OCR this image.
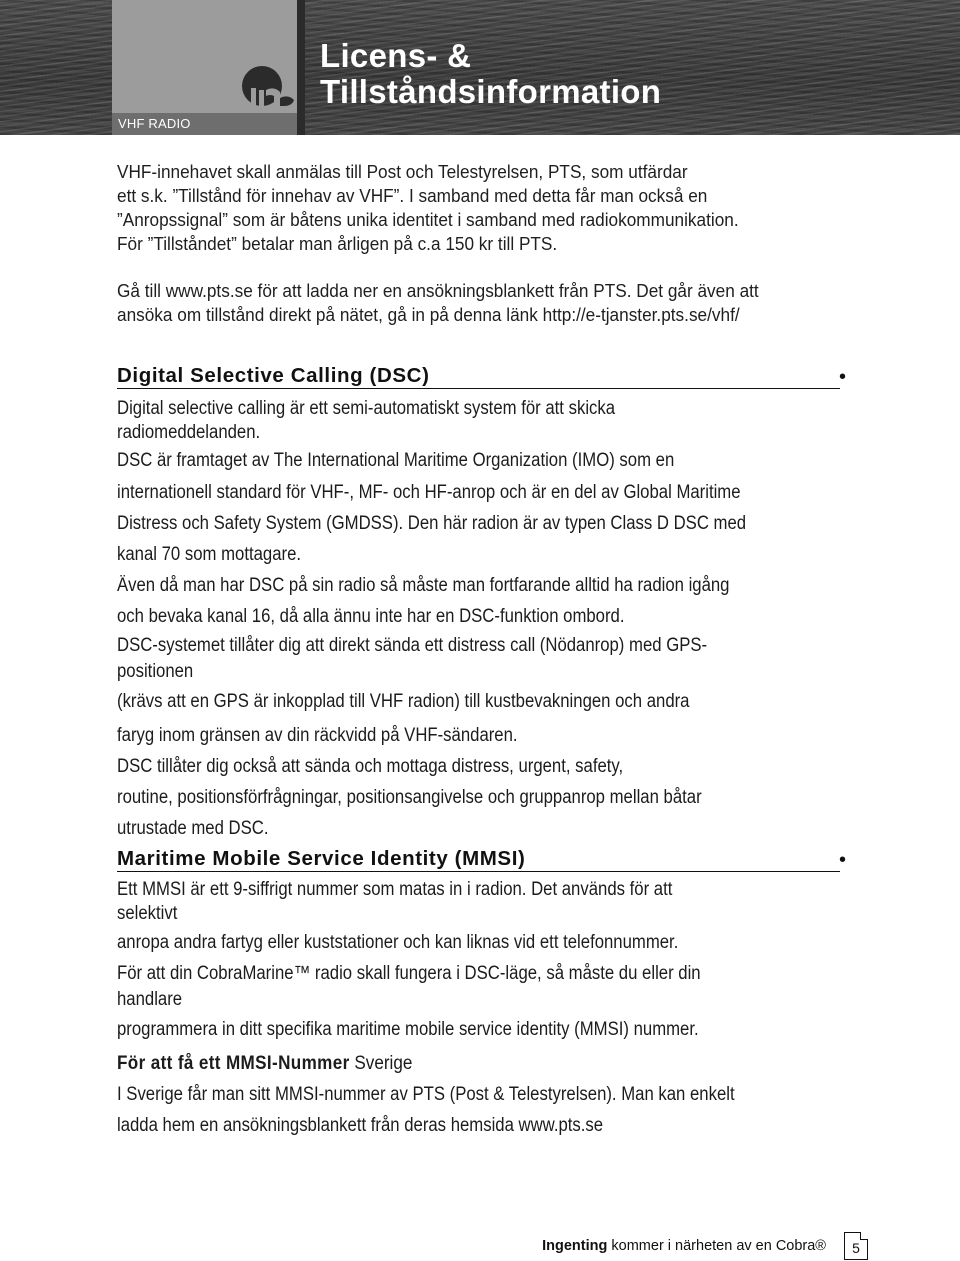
VHF RADIO
Licens- &
Tillståndsinformation

VHF-innehavet skall anmälas till Post och Telestyrelsen, PTS, som utfärdar

ett s.k. ”Tillstånd för innehav av VHF”. I samband med detta får man också en

”Anropssignal” som är båtens unika identitet i samband med radiokommunikation.

För ”Tillståndet” betalar man årligen på c.a 150 kr till PTS.

Gå till www.pts.se för att ladda ner en ansökningsblankett från PTS. Det går även att

ansöka om tillstånd direkt på nätet, gå in på denna länk http://e-tjanster.pts.se/vhf/

Digital Selective Calling (DSC)	•

Digital selective calling är ett semi-automatiskt system för att skicka

radiomeddelanden.

DSC är framtaget av The International Maritime Organization (IMO) som en

internationell standard för VHF-, MF- och HF-anrop och är en del av Global Maritime

Distress och Safety System (GMDSS). Den här radion är av typen Class D DSC med

kanal 70 som mottagare.

Även då man har DSC på sin radio så måste man fortfarande alltid ha radion igång

och bevaka kanal 16, då alla ännu inte har en DSC-funktion ombord.

DSC-systemet tillåter dig att direkt sända ett distress call (Nödanrop) med GPS-

positionen

(krävs att en GPS är inkopplad till VHF radion) till kustbevakningen och andra

faryg inom gränsen av din räckvidd på VHF-sändaren.

DSC tillåter dig också att sända och mottaga distress, urgent, safety,

routine, positionsförfrågningar, positionsangivelse och gruppanrop mellan båtar

utrustade med DSC.

Maritime Mobile Service Identity (MMSI)	•

Ett MMSI är ett 9-siffrigt nummer som matas in i radion. Det används för att

selektivt

anropa andra fartyg eller kuststationer och kan liknas vid ett telefonnummer.

För att din CobraMarine™ radio skall fungera i DSC-läge, så måste du eller din

handlare

programmera in ditt specifika maritime mobile service identity (MMSI) nummer.

För att få ett MMSI-Nummer Sverige

I Sverige får man sitt MMSI-nummer av PTS (Post & Telestyrelsen). Man kan enkelt

ladda hem en ansökningsblankett från deras hemsida www.pts.se

Ingenting kommer i närheten av en Cobra® 5
